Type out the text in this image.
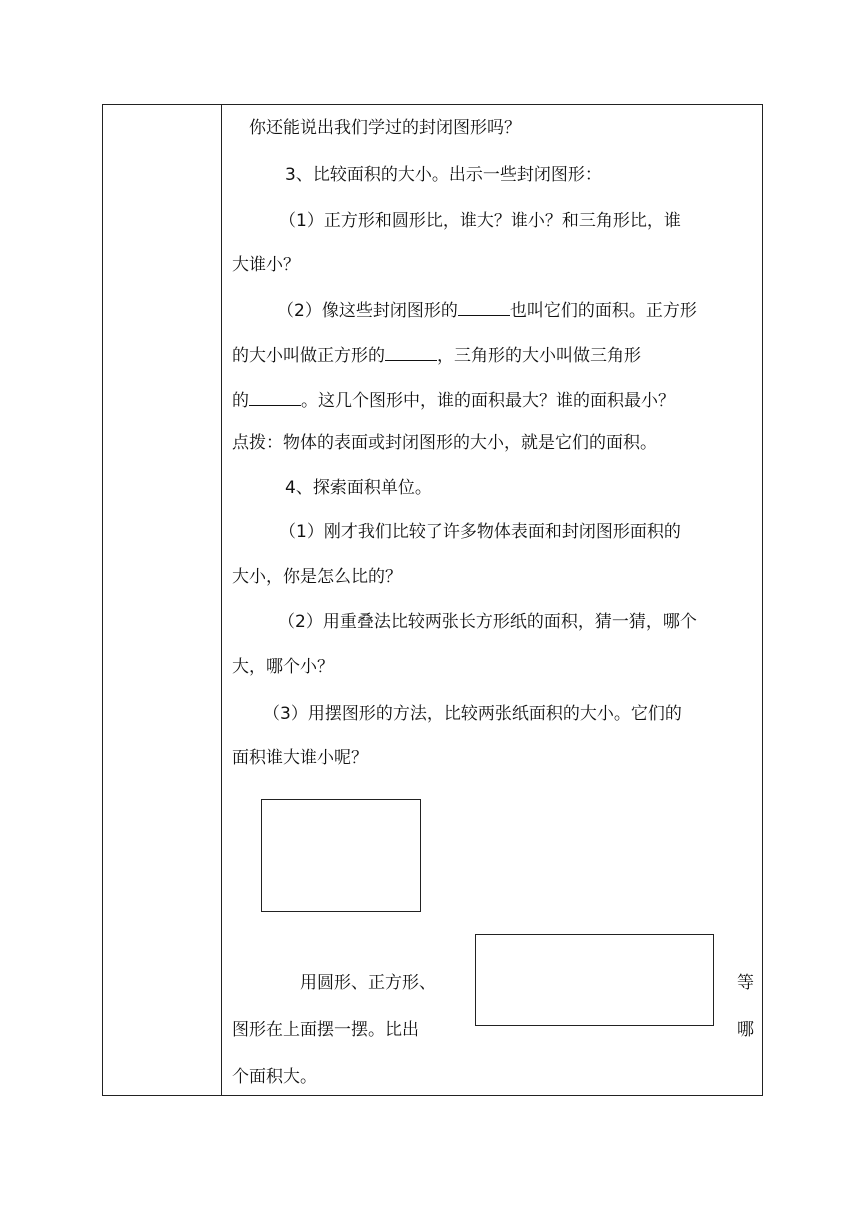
你还能说出我们学过的封闭图形吗？
3、比较面积的大小。出示一些封闭图形：
（1）正方形和圆形比，谁大？谁小？和三角形比，谁
大谁小？
（2）像这些封闭图形的	也叫它们的面积。正方形
的大小叫做正方形的	，三角形的大小叫做三角形
的	。这几个图形中，谁的面积最大？谁的面积最小？
点拨：物体的表面或封闭图形的大小，就是它们的面积。
4、探索面积单位。
（1）刚才我们比较了许多物体表面和封闭图形面积的
大小，你是怎么比的？
（2）用重叠法比较两张长方形纸的面积，猜一猜，哪个
大，哪个小？
（3）用摆图形的方法，比较两张纸面积的大小。它们的
面积谁大谁小呢？
用圆形、正方形、	等
图形在上面摆一摆。比出	哪
个面积大。
